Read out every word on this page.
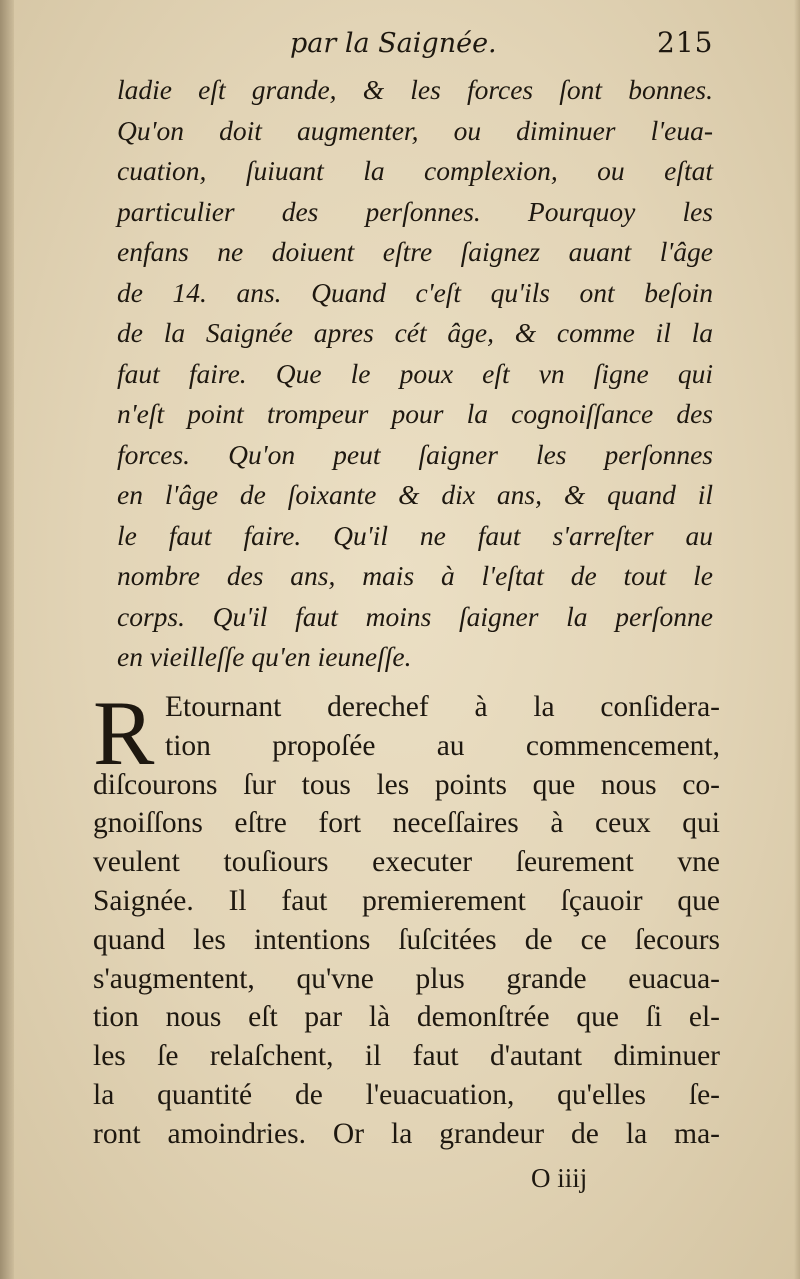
par la Saignée.	215
ladie eſt grande, & les forces ſont bonnes.
Qu'on doit augmenter, ou diminuer l'eua-
cuation, ſuiuant la complexion, ou eſtat
particulier des perſonnes. Pourquoy les
enfans ne doiuent eſtre ſaignez auant l'âge
de 14. ans. Quand c'eſt qu'ils ont beſoin
de la Saignée apres cét âge, & comme il la
faut faire. Que le poux eſt vn ſigne qui
n'eſt point trompeur pour la cognoiſſance des
forces. Qu'on peut ſaigner les perſonnes
en l'âge de ſoixante & dix ans, & quand il
le faut faire. Qu'il ne faut s'arreſter au
nombre des ans, mais à l'eſtat de tout le
corps. Qu'il faut moins ſaigner la perſonne
en vieilleſſe qu'en ieuneſſe.
R Etournant derechef à la conſidera-
tion propoſée au commencement,
diſcourons ſur tous les points que nous co-
gnoiſſons eſtre fort neceſſaires à ceux qui
veulent touſiours executer ſeurement vne
Saignée. Il faut premierement ſçauoir que
quand les intentions ſuſcitées de ce ſecours
s'augmentent, qu'vne plus grande euacua-
tion nous eſt par là demonſtrée que ſi el-
les ſe relaſchent, il faut d'autant diminuer
la quantité de l'euacuation, qu'elles ſe-
ront amoindries. Or la grandeur de la ma-
O iiij
